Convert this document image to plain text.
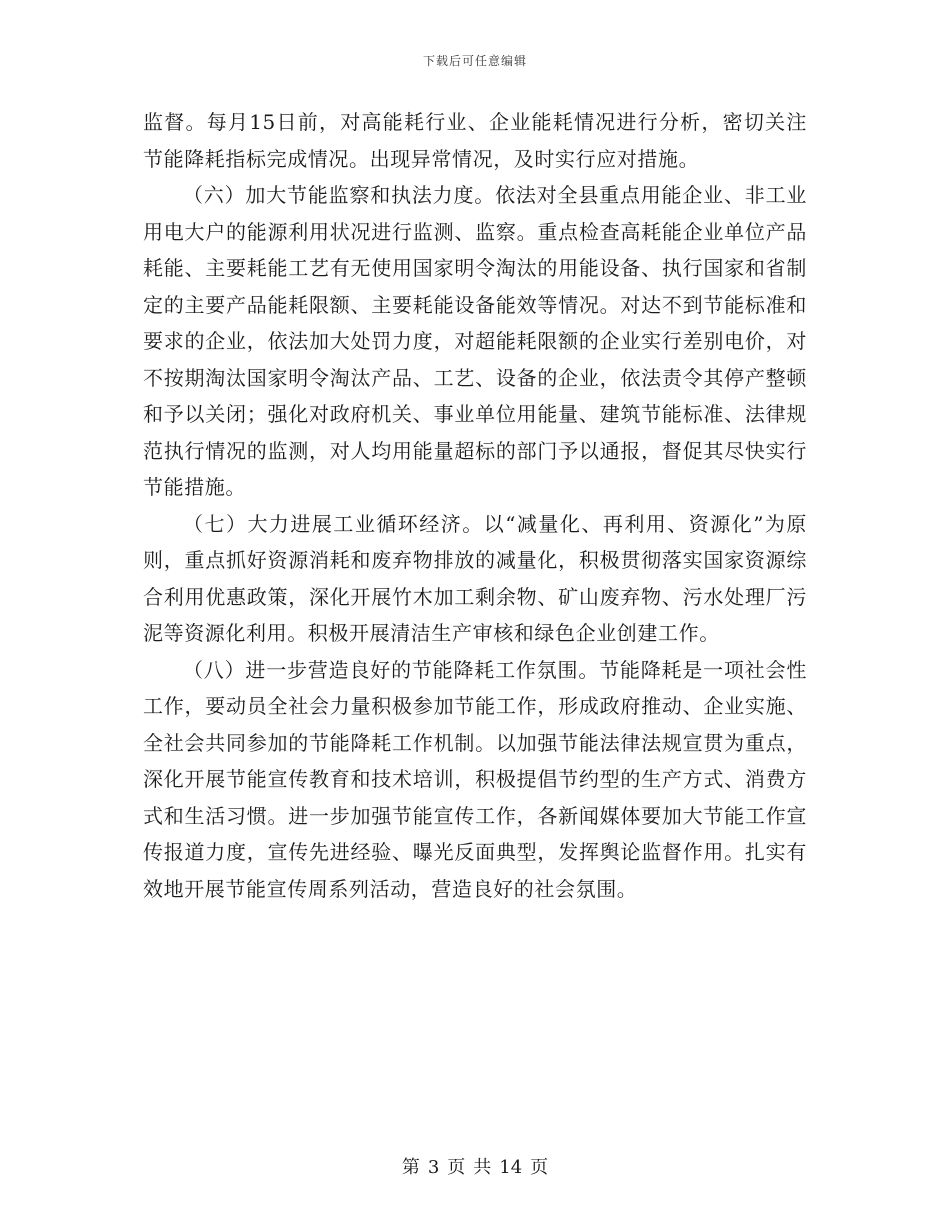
下载后可任意编辑

监督。每月15日前，对高能耗行业、企业能耗情况进行分析，密切关注节能降耗指标完成情况。出现异常情况，及时实行应对措施。

（六）加大节能监察和执法力度。依法对全县重点用能企业、非工业用电大户的能源利用状况进行监测、监察。重点检查高耗能企业单位产品耗能、主要耗能工艺有无使用国家明令淘汰的用能设备、执行国家和省制定的主要产品能耗限额、主要耗能设备能效等情况。对达不到节能标准和要求的企业，依法加大处罚力度，对超能耗限额的企业实行差别电价，对不按期淘汰国家明令淘汰产品、工艺、设备的企业，依法责令其停产整顿和予以关闭；强化对政府机关、事业单位用能量、建筑节能标准、法律规范执行情况的监测，对人均用能量超标的部门予以通报，督促其尽快实行节能措施。

（七）大力进展工业循环经济。以“减量化、再利用、资源化”为原则，重点抓好资源消耗和废弃物排放的减量化，积极贯彻落实国家资源综合利用优惠政策，深化开展竹木加工剩余物、矿山废弃物、污水处理厂污泥等资源化利用。积极开展清洁生产审核和绿色企业创建工作。

（八）进一步营造良好的节能降耗工作氛围。节能降耗是一项社会性工作，要动员全社会力量积极参加节能工作，形成政府推动、企业实施、全社会共同参加的节能降耗工作机制。以加强节能法律法规宣贯为重点，深化开展节能宣传教育和技术培训，积极提倡节约型的生产方式、消费方式和生活习惯。进一步加强节能宣传工作，各新闻媒体要加大节能工作宣传报道力度，宣传先进经验、曝光反面典型，发挥舆论监督作用。扎实有效地开展节能宣传周系列活动，营造良好的社会氛围。

第 3 页 共 14 页
